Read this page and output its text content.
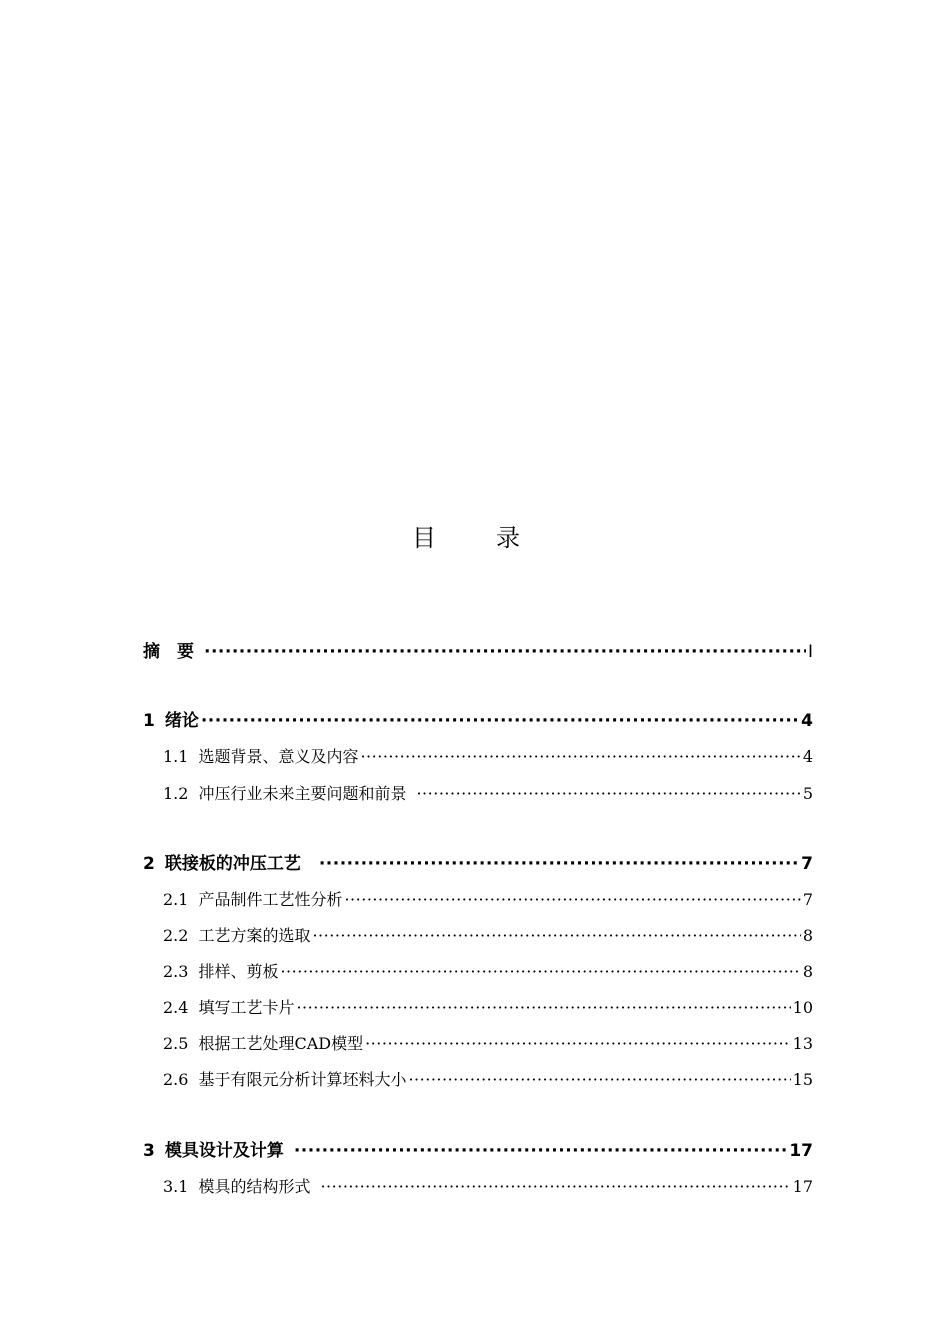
目录
摘　要 ·····	I
1 绪论 ·····	4
1.1 选题背景、意义及内容 ·····	4
1.2 冲压行业未来主要问题和前景 ·····	5
2 联接板的冲压工艺 ·····	7
2.1 产品制件工艺性分析 ·····	7
2.2 工艺方案的选取 ·····	8
2.3 排样、剪板 ·····	8
2.4 填写工艺卡片 ·····	10
2.5 根据工艺处理CAD模型 ·····	13
2.6 基于有限元分析计算坯料大小 ·····	15
3 模具设计及计算 ·····	17
3.1 模具的结构形式 ·····	17
